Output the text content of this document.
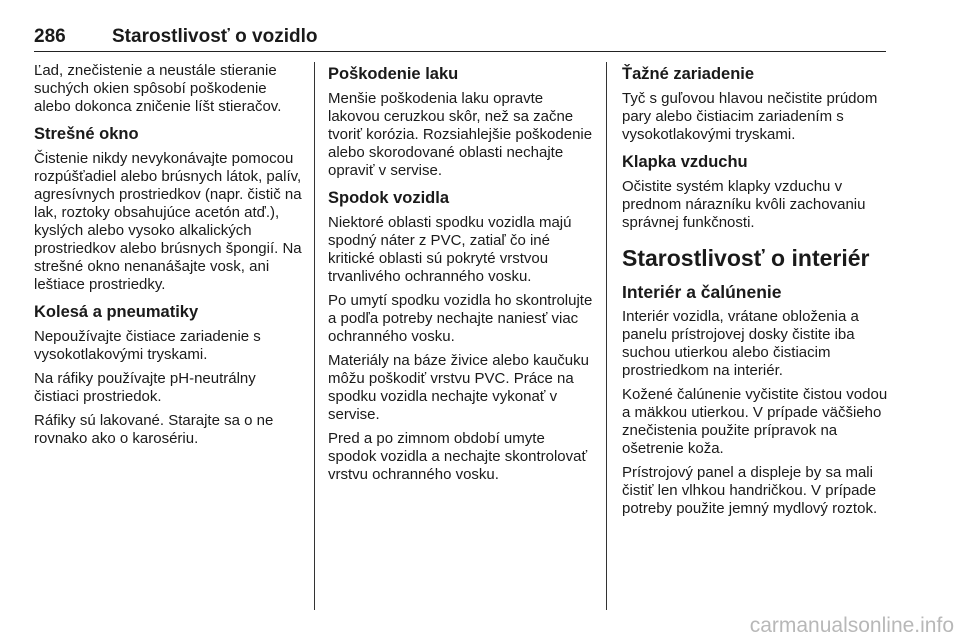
286 Starostlivosť o vozidlo

Ľad, znečistenie a neustále stieranie suchých okien spôsobí poškodenie alebo dokonca zničenie líšt stieračov.

Strešné okno

Čistenie nikdy nevykonávajte pomocou rozpúšťadiel alebo brúsnych látok, palív, agresívnych prostriedkov (napr. čistič na lak, roztoky obsahujúce acetón atď.), kyslých alebo vysoko alkalických prostriedkov alebo brúsnych špongií. Na strešné okno nenanášajte vosk, ani leštiace prostriedky.

Kolesá a pneumatiky

Nepoužívajte čistiace zariadenie s vysokotlakovými tryskami.

Na ráfiky používajte pH-neutrálny čistiaci prostriedok.

Ráfiky sú lakované. Starajte sa o ne rovnako ako o karosériu.

Poškodenie laku

Menšie poškodenia laku opravte lakovou ceruzkou skôr, než sa začne tvoriť korózia. Rozsiahlejšie poškodenie alebo skorodované oblasti nechajte opraviť v servise.

Spodok vozidla

Niektoré oblasti spodku vozidla majú spodný náter z PVC, zatiaľ čo iné kritické oblasti sú pokryté vrstvou trvanlivého ochranného vosku.

Po umytí spodku vozidla ho skontrolujte a podľa potreby nechajte naniesť viac ochranného vosku.

Materiály na báze živice alebo kaučuku môžu poškodiť vrstvu PVC. Práce na spodku vozidla nechajte vykonať v servise.

Pred a po zimnom období umyte spodok vozidla a nechajte skontrolovať vrstvu ochranného vosku.

Ťažné zariadenie

Tyč s guľovou hlavou nečistite prúdom pary alebo čistiacim zariadením s vysokotlakovými tryskami.

Klapka vzduchu

Očistite systém klapky vzduchu v prednom nárazníku kvôli zachovaniu správnej funkčnosti.

Starostlivosť o interiér
Interiér a čalúnenie

Interiér vozidla, vrátane obloženia a panelu prístrojovej dosky čistite iba suchou utierkou alebo čistiacim prostriedkom na interiér.

Kožené čalúnenie vyčistite čistou vodou a mäkkou utierkou. V prípade väčšieho znečistenia použite prípravok na ošetrenie koža.

Prístrojový panel a displeje by sa mali čistiť len vlhkou handričkou. V prípade potreby použite jemný mydlový roztok.

carmanualsonline.info
